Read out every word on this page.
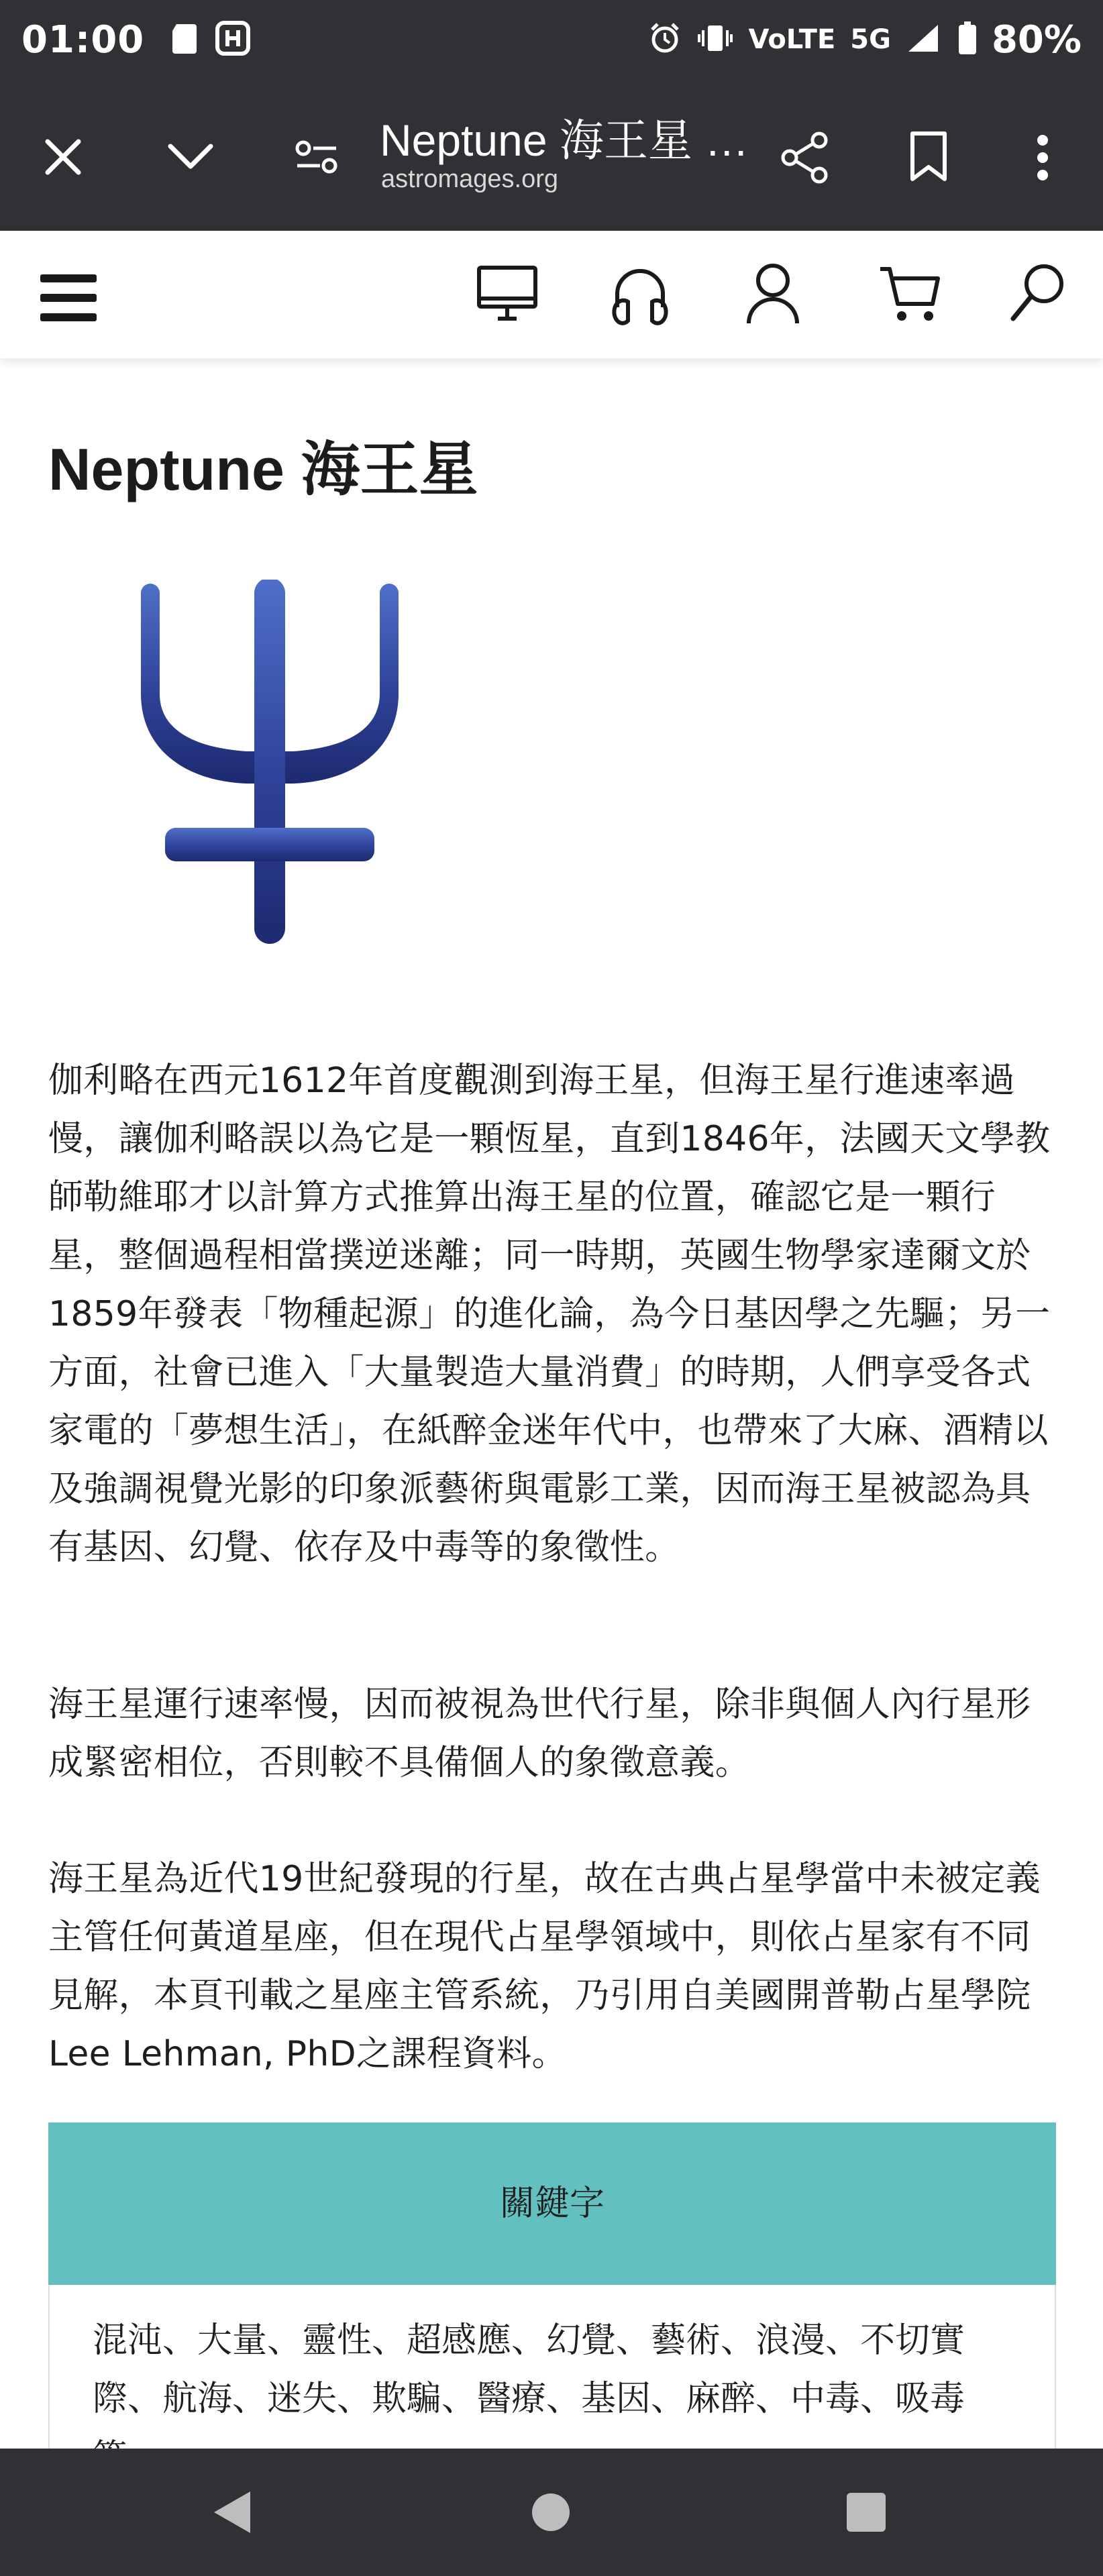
01:00	VoLTE 5G	80%
Neptune 海王星 …
astromages.org
Neptune 海王星

伽利略在西元1612年首度觀測到海王星，但海王星行進速率過慢，讓伽利略誤以為它是一顆恆星，直到1846年，法國天文學教師勒維耶才以計算方式推算出海王星的位置，確認它是一顆行星，整個過程相當撲逆迷離；同一時期，英國生物學家達爾文於1859年發表「物種起源」的進化論，為今日基因學之先驅；另一方面，社會已進入「大量製造大量消費」的時期，人們享受各式家電的「夢想生活」，在紙醉金迷年代中，也帶來了大麻、酒精以及強調視覺光影的印象派藝術與電影工業，因而海王星被認為具有基因、幻覺、依存及中毒等的象徵性。

海王星運行速率慢，因而被視為世代行星，除非與個人內行星形成緊密相位，否則較不具備個人的象徵意義。

海王星為近代19世紀發現的行星，故在古典占星學當中未被定義主管任何黃道星座，但在現代占星學領域中，則依占星家有不同見解，本頁刊載之星座主管系統，乃引用自美國開普勒占星學院Lee Lehman, PhD之課程資料。

關鍵字
混沌、大量、靈性、超感應、幻覺、藝術、浪漫、不切實際、航海、迷失、欺騙、醫療、基因、麻醉、中毒、吸毒
